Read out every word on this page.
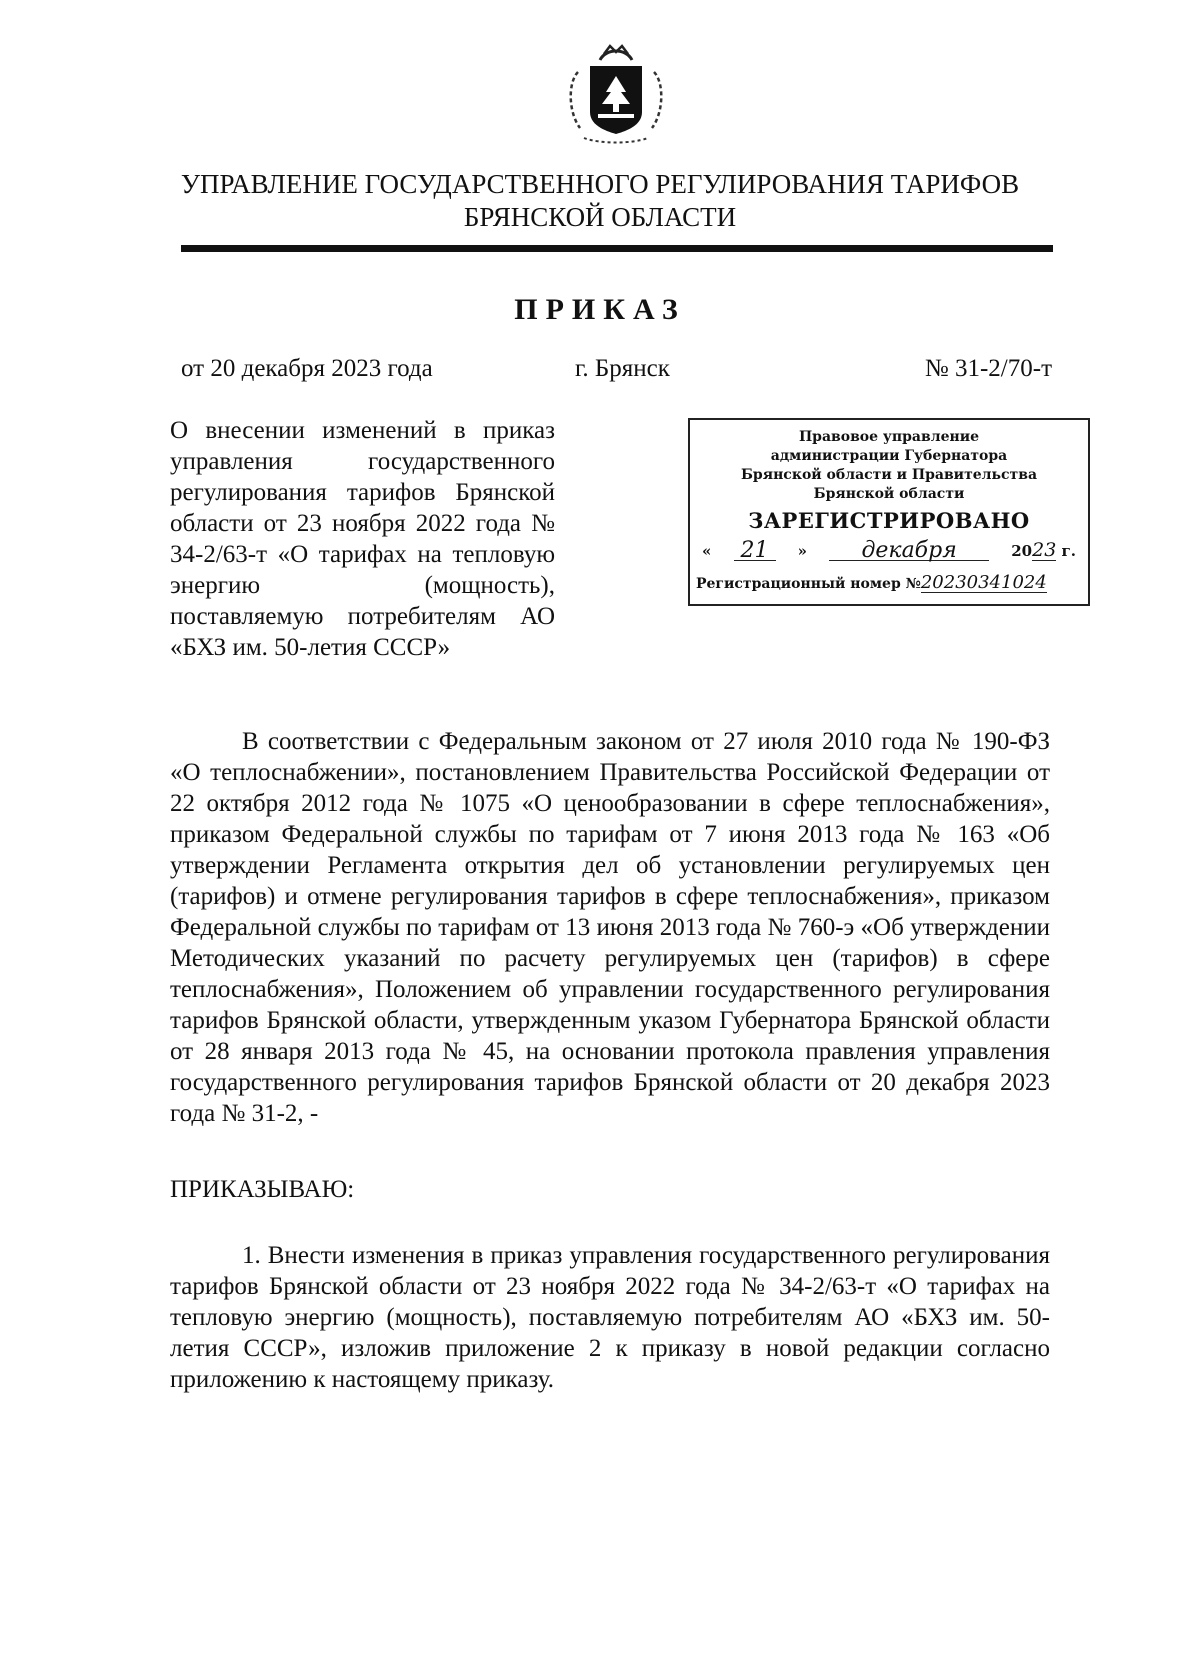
УПРАВЛЕНИЕ ГОСУДАРСТВЕННОГО РЕГУЛИРОВАНИЯ ТАРИФОВ
БРЯНСКОЙ ОБЛАСТИ
ПРИКАЗ
от 20 декабря 2023 года	г. Брянск	№ 31-2/70-т
О внесении изменений в приказ управления государственного регулирования тарифов Брянской области от 23 ноября 2022 года № 34-2/63-т «О тарифах на тепловую энергию (мощность), поставляемую потребителям АО «БХЗ им. 50-летия СССР»
Правовое управление
администрации Губернатора
Брянской области и Правительства
Брянской области
ЗАРЕГИСТРИРОВАНО
«	21	»	декабря	2023 г.
Регистрационный номер №20230341024
В соответствии с Федеральным законом от 27 июля 2010 года № 190-ФЗ «О теплоснабжении», постановлением Правительства Российской Федерации от 22 октября 2012 года № 1075 «О ценообразовании в сфере теплоснабжения», приказом Федеральной службы по тарифам от 7 июня 2013 года № 163 «Об утверждении Регламента открытия дел об установлении регулируемых цен (тарифов) и отмене регулирования тарифов в сфере теплоснабжения», приказом Федеральной службы по тарифам от 13 июня 2013 года № 760-э «Об утверждении Методических указаний по расчету регулируемых цен (тарифов) в сфере теплоснабжения», Положением об управлении государственного регулирования тарифов Брянской области, утвержденным указом Губернатора Брянской области от 28 января 2013 года № 45, на основании протокола правления управления государственного регулирования тарифов Брянской области от 20 декабря 2023 года № 31-2, -
ПРИКАЗЫВАЮ:
1. Внести изменения в приказ управления государственного регулирования тарифов Брянской области от 23 ноября 2022 года № 34-2/63-т «О тарифах на тепловую энергию (мощность), поставляемую потребителям АО «БХЗ им. 50-летия СССР», изложив приложение 2 к приказу в новой редакции согласно приложению к настоящему приказу.
